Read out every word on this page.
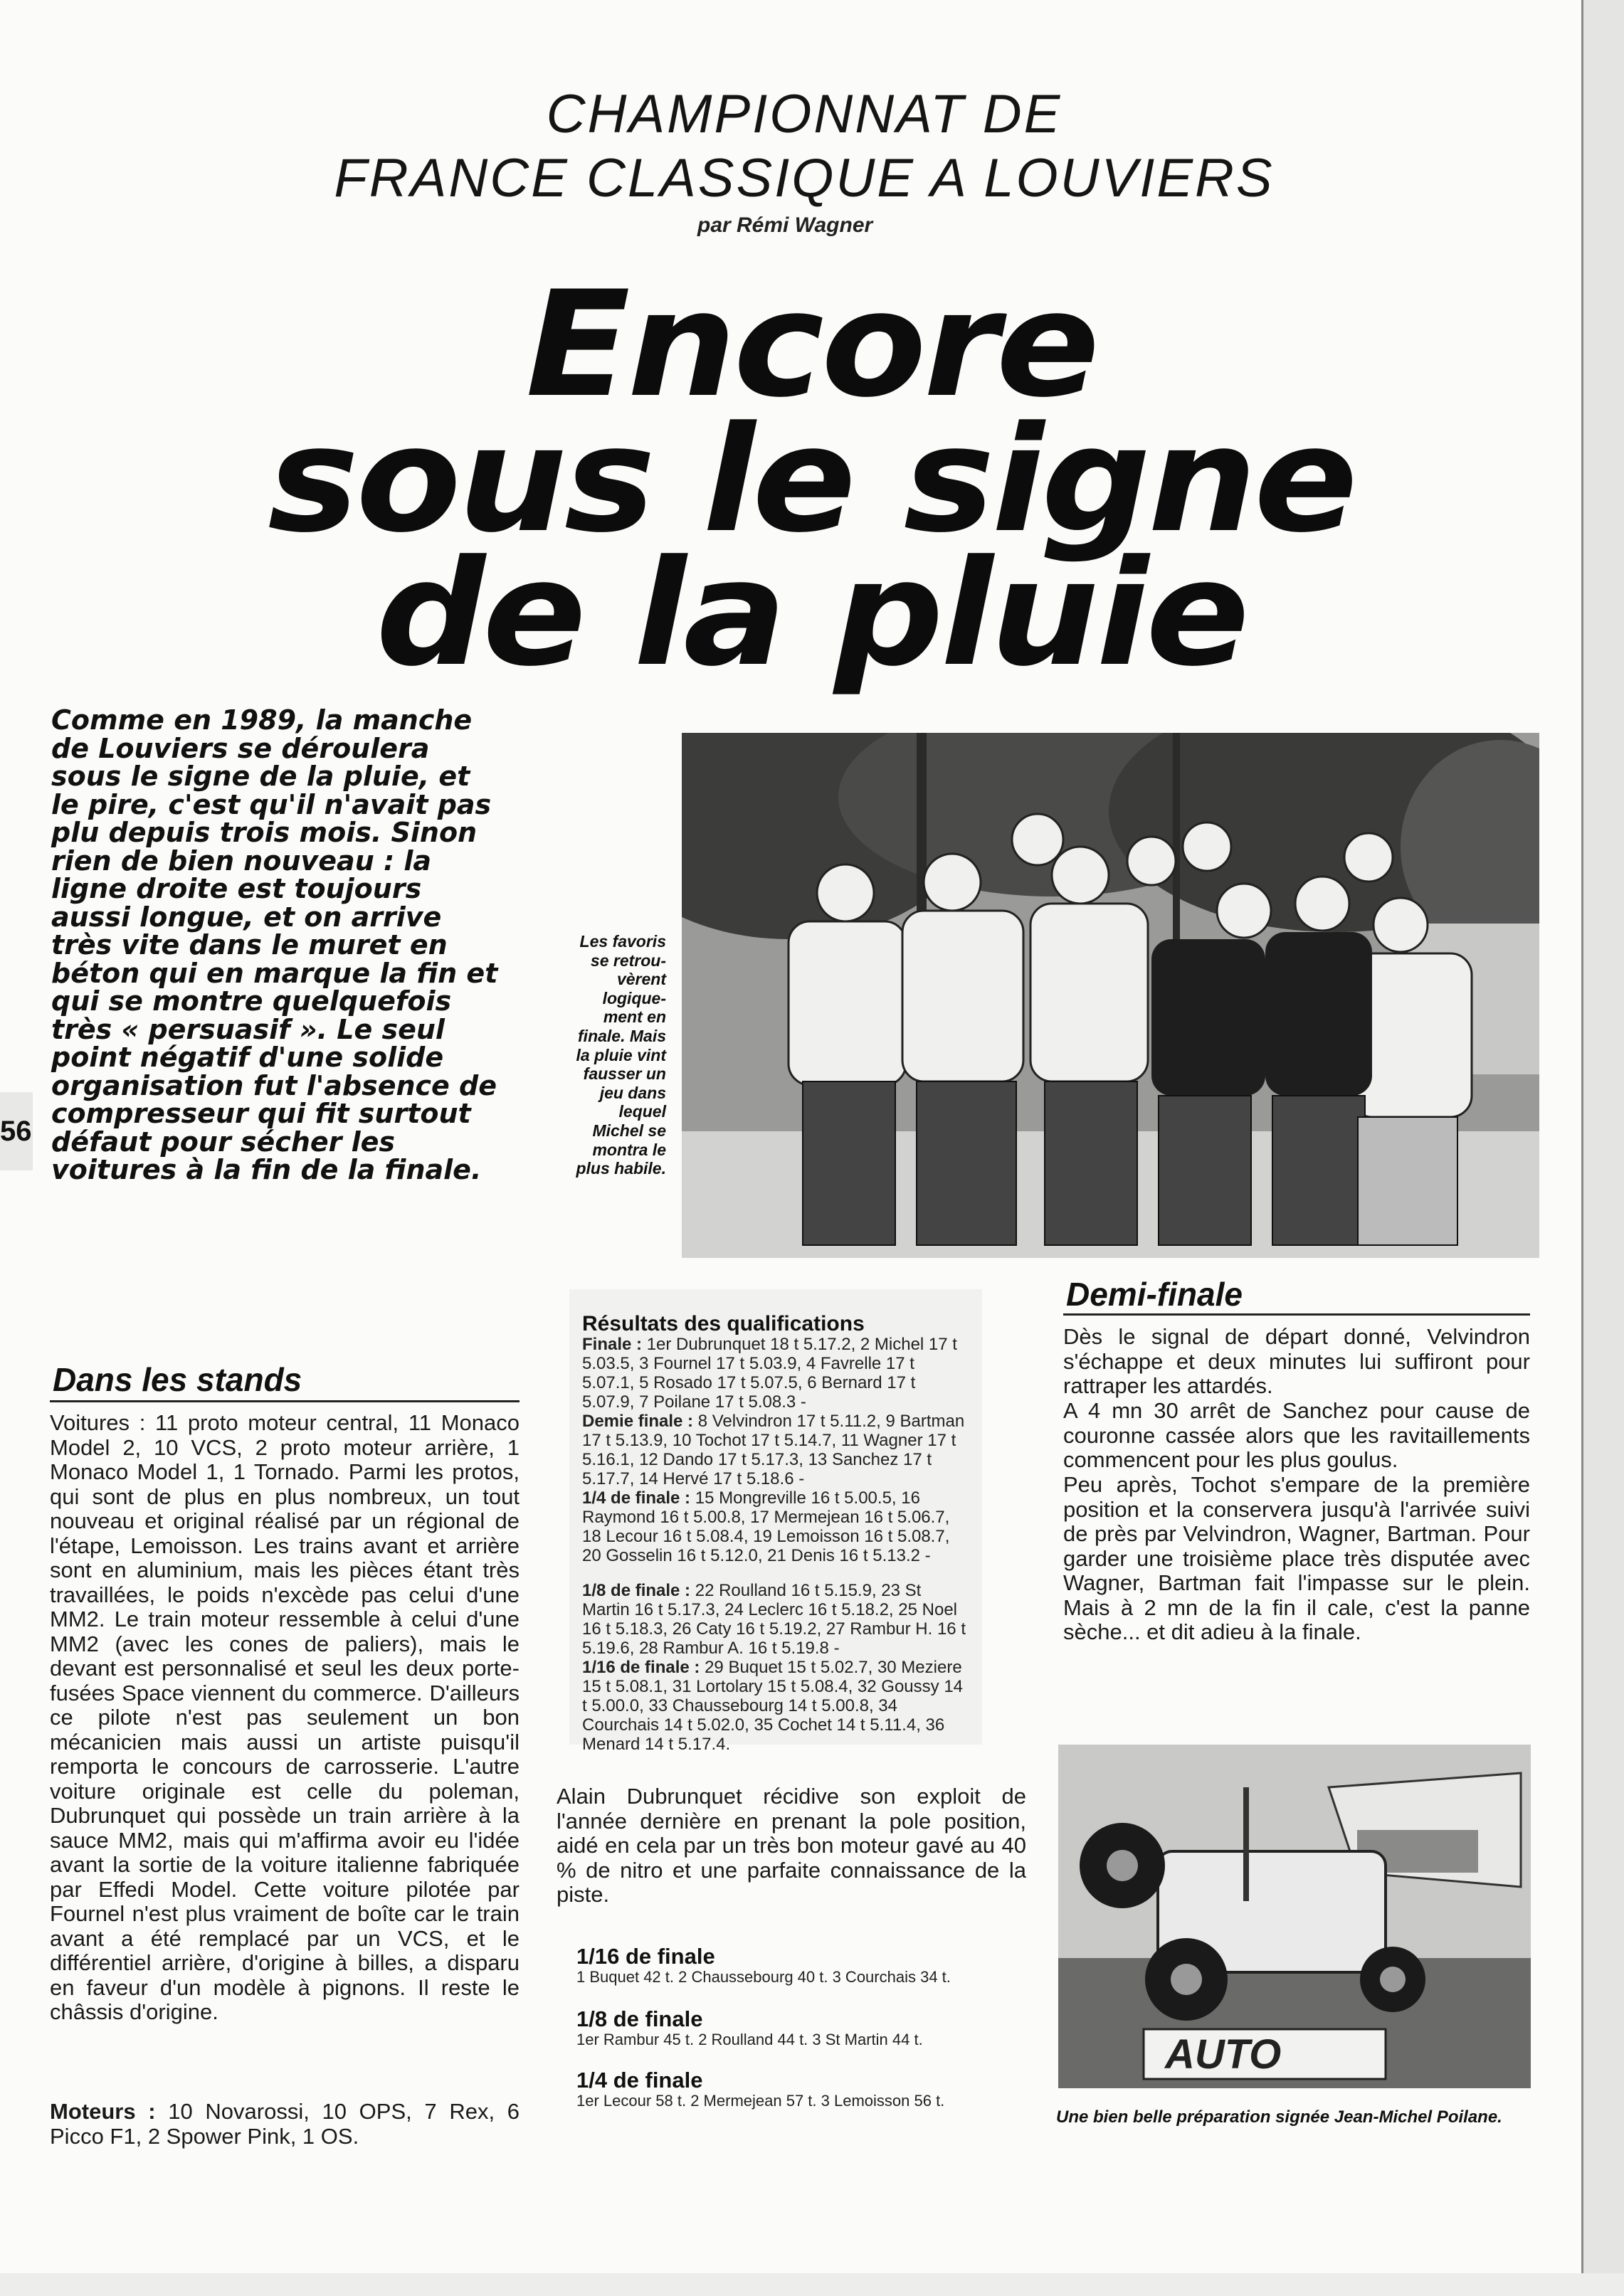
CHAMPIONNAT DE
FRANCE CLASSIQUE A LOUVIERS
par Rémi Wagner
Encore
sous le signe
de la pluie
Comme en 1989, la manche de Louviers se déroulera sous le signe de la pluie, et le pire, c'est qu'il n'avait pas plu depuis trois mois. Sinon rien de bien nouveau : la ligne droite est toujours aussi longue, et on arrive très vite dans le muret en béton qui en marque la fin et qui se montre quelquefois très « persuasif ». Le seul point négatif d'une solide organisation fut l'absence de compresseur qui fit surtout défaut pour sécher les voitures à la fin de la finale.
56
Les favoris se retrou-vèrent logique-ment en finale. Mais la pluie vint fausser un jeu dans lequel Michel se montra le plus habile.
Dans les stands
Voitures : 11 proto moteur central, 11 Monaco Model 2, 10 VCS, 2 proto moteur arrière, 1 Monaco Model 1, 1 Tornado. Parmi les protos, qui sont de plus en plus nombreux, un tout nouveau et original réalisé par un régional de l'étape, Lemoisson. Les trains avant et arrière sont en aluminium, mais les pièces étant très travaillées, le poids n'excède pas celui d'une MM2. Le train moteur ressemble à celui d'une MM2 (avec les cones de paliers), mais le devant est personnalisé et seul les deux porte-fusées Space viennent du commerce. D'ailleurs ce pilote n'est pas seulement un bon mécanicien mais aussi un artiste puisqu'il remporta le concours de carrosserie. L'autre voiture originale est celle du poleman, Dubrunquet qui possède un train arrière à la sauce MM2, mais qui m'affirma avoir eu l'idée avant la sortie de la voiture italienne fabriquée par Effedi Model. Cette voiture pilotée par Fournel n'est plus vraiment de boîte car le train avant a été remplacé par un VCS, et le différentiel arrière, d'origine à billes, a disparu en faveur d'un modèle à pignons. Il reste le châssis d'origine.
Moteurs : 10 Novarossi, 10 OPS, 7 Rex, 6 Picco F1, 2 Spower Pink, 1 OS.
Résultats des qualifications
Finale : 1er Dubrunquet 18 t 5.17.2, 2 Michel 17 t 5.03.5, 3 Fournel 17 t 5.03.9, 4 Favrelle 17 t 5.07.1, 5 Rosado 17 t 5.07.5, 6 Bernard 17 t 5.07.9, 7 Poilane 17 t 5.08.3 -
Demie finale : 8 Velvindron 17 t 5.11.2, 9 Bartman 17 t 5.13.9, 10 Tochot 17 t 5.14.7, 11 Wagner 17 t 5.16.1, 12 Dando 17 t 5.17.3, 13 Sanchez 17 t 5.17.7, 14 Hervé 17 t 5.18.6 -
1/4 de finale : 15 Mongreville 16 t 5.00.5, 16 Raymond 16 t 5.00.8, 17 Mermejean 16 t 5.06.7, 18 Lecour 16 t 5.08.4, 19 Lemoisson 16 t 5.08.7, 20 Gosselin 16 t 5.12.0, 21 Denis 16 t 5.13.2 -
1/8 de finale : 22 Roulland 16 t 5.15.9, 23 St Martin 16 t 5.17.3, 24 Leclerc 16 t 5.18.2, 25 Noel 16 t 5.18.3, 26 Caty 16 t 5.19.2, 27 Rambur H. 16 t 5.19.6, 28 Rambur A. 16 t 5.19.8 -
1/16 de finale : 29 Buquet 15 t 5.02.7, 30 Meziere 15 t 5.08.1, 31 Lortolary 15 t 5.08.4, 32 Goussy 14 t 5.00.0, 33 Chaussebourg 14 t 5.00.8, 34 Courchais 14 t 5.02.0, 35 Cochet 14 t 5.11.4, 36 Menard 14 t 5.17.4.
Alain Dubrunquet récidive son exploit de l'année dernière en prenant la pole position, aidé en cela par un très bon moteur gavé au 40 % de nitro et une parfaite connaissance de la piste.
1/16 de finale
1 Buquet 42 t. 2 Chaussebourg 40 t. 3 Courchais 34 t.
1/8 de finale
1er Rambur 45 t. 2 Roulland 44 t. 3 St Martin 44 t.
1/4 de finale
1er Lecour 58 t. 2 Mermejean 57 t. 3 Lemoisson 56 t.
Demi-finale
Dès le signal de départ donné, Velvindron s'échappe et deux minutes lui suffiront pour rattraper les attardés.
A 4 mn 30 arrêt de Sanchez pour cause de couronne cassée alors que les ravitaillements commencent pour les plus goulus.
Peu après, Tochot s'empare de la première position et la conservera jusqu'à l'arrivée suivi de près par Velvindron, Wagner, Bartman. Pour garder une troisième place très disputée avec Wagner, Bartman fait l'impasse sur le plein. Mais à 2 mn de la fin il cale, c'est la panne sèche... et dit adieu à la finale.
AUTO
Une bien belle préparation signée Jean-Michel Poilane.
